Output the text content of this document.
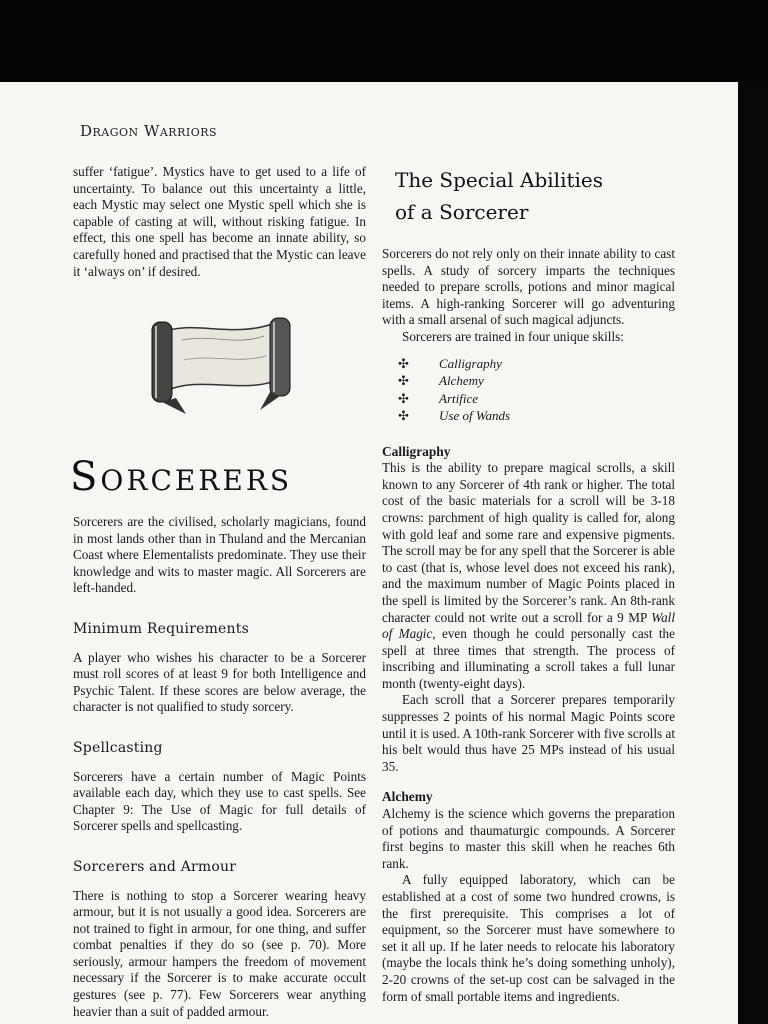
Dragon Warriors

suffer ‘fatigue’. Mystics have to get used to a life of uncertainty. To balance out this uncertainty a little, each Mystic may select one Mystic spell which she is capable of casting at will, without risking fatigue. In effect, this one spell has become an innate ability, so carefully honed and practised that the Mystic can leave it ‘always on’ if desired.

Sorcerers

Sorcerers are the civilised, scholarly magicians, found in most lands other than in Thuland and the Mercanian Coast where Elementalists predominate. They use their knowledge and wits to master magic. All Sorcerers are left-handed.

Minimum Requirements

A player who wishes his character to be a Sorcerer must roll scores of at least 9 for both Intelligence and Psychic Talent. If these scores are below average, the character is not qualified to study sorcery.

Spellcasting

Sorcerers have a certain number of Magic Points available each day, which they use to cast spells. See Chapter 9: The Use of Magic for full details of Sorcerer spells and spellcasting.

Sorcerers and Armour

There is nothing to stop a Sorcerer wearing heavy armour, but it is not usually a good idea. Sorcerers are not trained to fight in armour, for one thing, and suffer combat penalties if they do so (see p. 70). More seriously, armour hampers the freedom of movement necessary if the Sorcerer is to make accurate occult gestures (see p. 77). Few Sorcerers wear anything heavier than a suit of padded armour.

The Special Abilities
of a Sorcerer

Sorcerers do not rely only on their innate ability to cast spells. A study of sorcery imparts the techniques needed to prepare scrolls, potions and minor magical items. A high-ranking Sorcerer will go adventuring with a small arsenal of such magical adjuncts.

Sorcerers are trained in four unique skills:

✣ Calligraphy
✣ Alchemy
✣ Artifice
✣ Use of Wands

Calligraphy

This is the ability to prepare magical scrolls, a skill known to any Sorcerer of 4th rank or higher. The total cost of the basic materials for a scroll will be 3-18 crowns: parchment of high quality is called for, along with gold leaf and some rare and expensive pigments. The scroll may be for any spell that the Sorcerer is able to cast (that is, whose level does not exceed his rank), and the maximum number of Magic Points placed in the spell is limited by the Sorcerer’s rank. An 8th-rank character could not write out a scroll for a 9 MP Wall of Magic, even though he could personally cast the spell at three times that strength. The process of inscribing and illuminating a scroll takes a full lunar month (twenty-eight days).

Each scroll that a Sorcerer prepares temporarily suppresses 2 points of his normal Magic Points score until it is used. A 10th-rank Sorcerer with five scrolls at his belt would thus have 25 MPs instead of his usual 35.

Alchemy

Alchemy is the science which governs the preparation of potions and thaumaturgic compounds. A Sorcerer first begins to master this skill when he reaches 6th rank.

A fully equipped laboratory, which can be established at a cost of some two hundred crowns, is the first prerequisite. This comprises a lot of equipment, so the Sorcerer must have somewhere to set it all up. If he later needs to relocate his laboratory (maybe the locals think he’s doing something unholy), 2-20 crowns of the set-up cost can be salvaged in the form of small portable items and ingredients.
